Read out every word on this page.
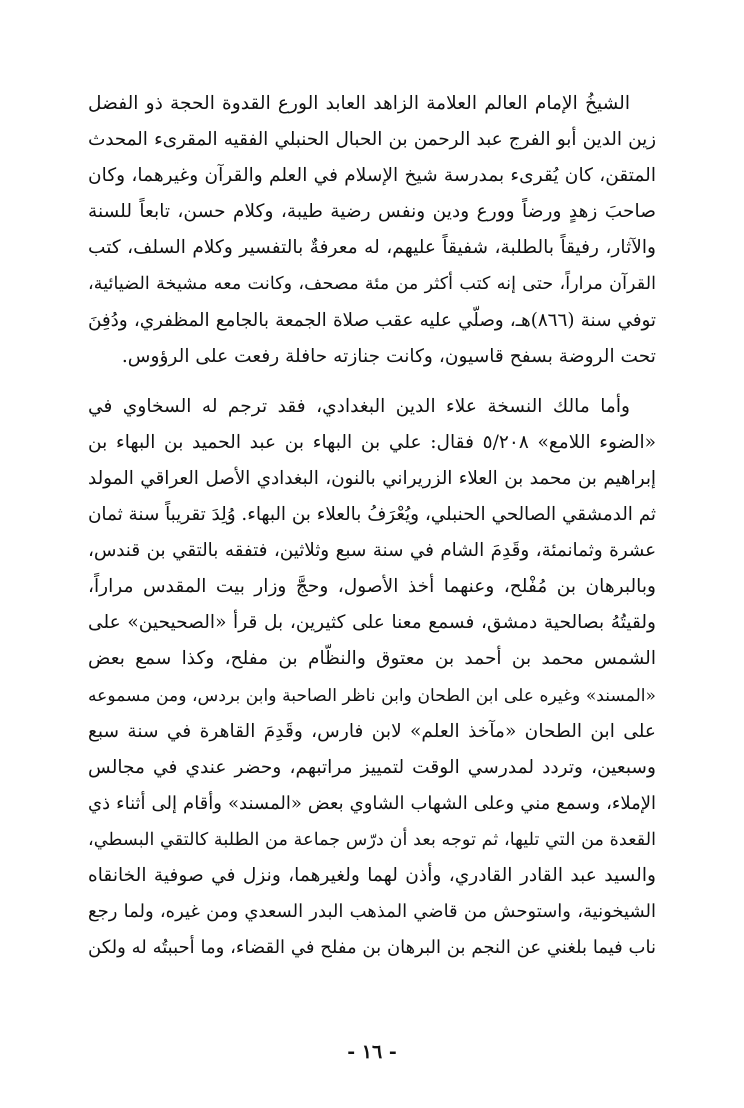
الشيخُ الإمام العالم العلامة الزاهد العابد الورع القدوة الحجة ذو الفضل
زين الدين أبو الفرج عبد الرحمن بن الحبال الحنبلي الفقيه المقرىء المحدث
المتقن، كان يُقرىء بمدرسة شيخ الإسلام في العلم والقرآن وغيرهما، وكان
صاحبَ زهدٍ ورضاً وورع ودين ونفس رضية طيبة، وكلام حسن، تابعاً للسنة
والآثار، رفيقاً بالطلبة، شفيقاً عليهم، له معرفةٌ بالتفسير وكلام السلف، كتب
القرآن مراراً، حتى إنه كتب أكثر من مئة مصحف، وكانت معه مشيخة الضيائية،
توفي سنة (٨٦٦)هـ، وصلّي عليه عقب صلاة الجمعة بالجامع المظفري، ودُفِنَ
تحت الروضة بسفح قاسيون، وكانت جنازته حافلة رفعت على الرؤوس.

وأما مالك النسخة علاء الدين البغدادي، فقد ترجم له السخاوي في
«الضوء اللامع» ٥/٢٠٨ فقال: علي بن البهاء بن عبد الحميد بن البهاء بن
إبراهيم بن محمد بن العلاء الزريراني بالنون، البغدادي الأصل العراقي المولد
ثم الدمشقي الصالحي الحنبلي، ويُعْرَفُ بالعلاء بن البهاء. وُلِدَ تقريباً سنة ثمان
عشرة وثمانمئة، وقَدِمَ الشام في سنة سبع وثلاثين، فتفقه بالتقي بن قندس،
وبالبرهان بن مُفْلح، وعنهما أخذ الأصول، وحجَّ وزار بيت المقدس مراراً،
ولقيتُهُ بصالحية دمشق، فسمع معنا على كثيرين، بل قرأ «الصحيحين» على
الشمس محمد بن أحمد بن معتوق والنظّام بن مفلح، وكذا سمع بعض
«المسند» وغيره على ابن الطحان وابن ناظر الصاحبة وابن بردس، ومن مسموعه
على ابن الطحان «مآخذ العلم» لابن فارس، وقَدِمَ القاهرة في سنة سبع
وسبعين، وتردد لمدرسي الوقت لتمييز مراتبهم، وحضر عندي في مجالس
الإملاء، وسمع مني وعلى الشهاب الشاوي بعض «المسند» وأقام إلى أثناء ذي
القعدة من التي تليها، ثم توجه بعد أن درّس جماعة من الطلبة كالتقي البسطي،
والسيد عبد القادر القادري، وأذن لهما ولغيرهما، ونزل في صوفية الخانقاه
الشيخونية، واستوحش من قاضي المذهب البدر السعدي ومن غيره، ولما رجع
ناب فيما بلغني عن النجم بن البرهان بن مفلح في القضاء، وما أحببتُه له ولكن

- ١٦ -
